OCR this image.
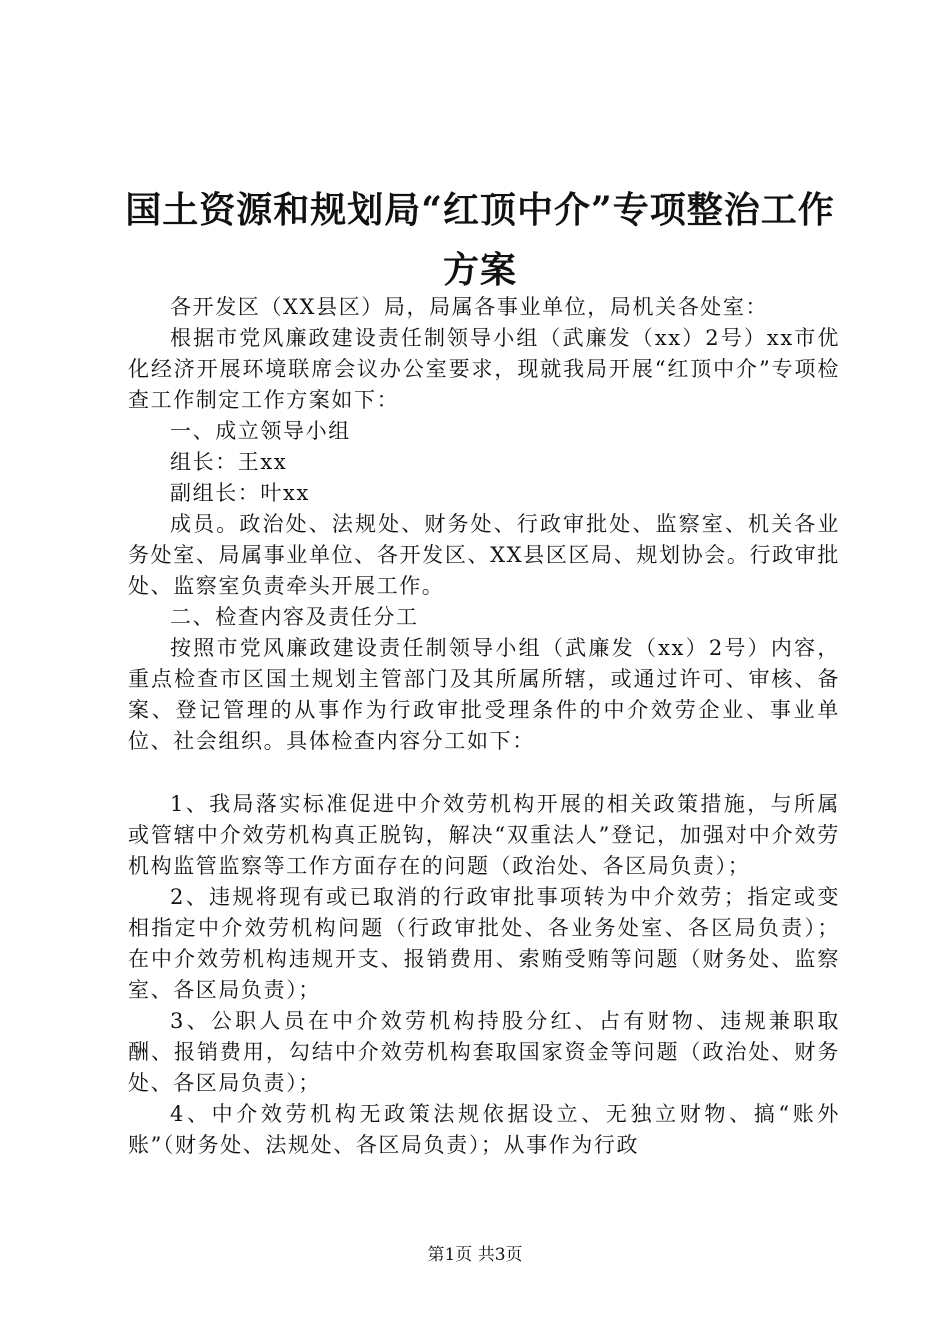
国土资源和规划局“红顶中介”专项整治工作
方案

各开发区（XX县区）局，局属各事业单位，局机关各处室：

根据市党风廉政建设责任制领导小组（武廉发（xx）2号）xx市优化经济开展环境联席会议办公室要求，现就我局开展“红顶中介”专项检查工作制定工作方案如下：

一、成立领导小组

组长：王xx

副组长：叶xx

成员。政治处、法规处、财务处、行政审批处、监察室、机关各业务处室、局属事业单位、各开发区、XX县区区局、规划协会。行政审批处、监察室负责牵头开展工作。

二、检查内容及责任分工

按照市党风廉政建设责任制领导小组（武廉发（xx）2号）内容，重点检查市区国土规划主管部门及其所属所辖，或通过许可、审核、备案、登记管理的从事作为行政审批受理条件的中介效劳企业、事业单位、社会组织。具体检查内容分工如下：

1、我局落实标准促进中介效劳机构开展的相关政策措施，与所属或管辖中介效劳机构真正脱钩，解决“双重法人”登记，加强对中介效劳机构监管监察等工作方面存在的问题（政治处、各区局负责）；

2、违规将现有或已取消的行政审批事项转为中介效劳；指定或变相指定中介效劳机构问题（行政审批处、各业务处室、各区局负责）；在中介效劳机构违规开支、报销费用、索贿受贿等问题（财务处、监察室、各区局负责）；

3、公职人员在中介效劳机构持股分红、占有财物、违规兼职取酬、报销费用，勾结中介效劳机构套取国家资金等问题（政治处、财务处、各区局负责）；

4、中介效劳机构无政策法规依据设立、无独立财物、搞“账外账”（财务处、法规处、各区局负责）；从事作为行政

第1页 共3页
